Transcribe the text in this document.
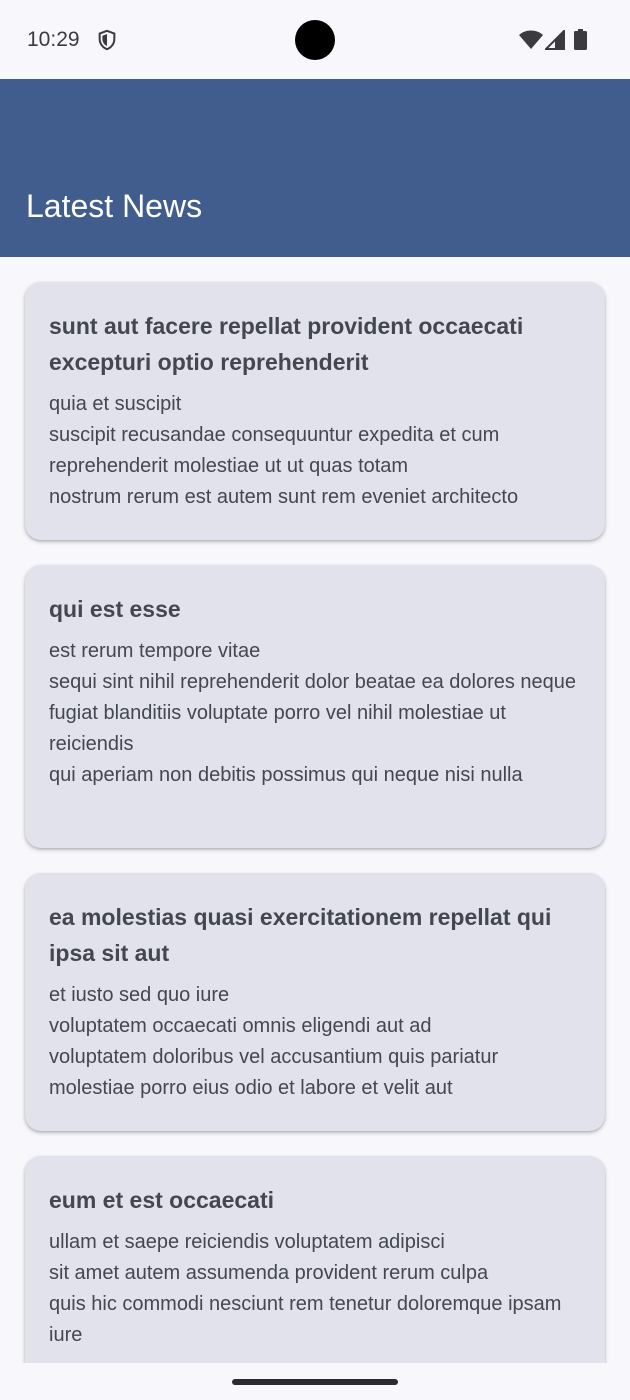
10:29
Latest News
sunt aut facere repellat provident occaecati excepturi optio reprehenderit

quia et suscipit
suscipit recusandae consequuntur expedita et cum
reprehenderit molestiae ut ut quas totam
nostrum rerum est autem sunt rem eveniet architecto

qui est esse

est rerum tempore vitae
sequi sint nihil reprehenderit dolor beatae ea dolores neque
fugiat blanditiis voluptate porro vel nihil molestiae ut reiciendis
qui aperiam non debitis possimus qui neque nisi nulla

ea molestias quasi exercitationem repellat qui ipsa sit aut

et iusto sed quo iure
voluptatem occaecati omnis eligendi aut ad
voluptatem doloribus vel accusantium quis pariatur
molestiae porro eius odio et labore et velit aut

eum et est occaecati

ullam et saepe reiciendis voluptatem adipisci
sit amet autem assumenda provident rerum culpa
quis hic commodi nesciunt rem tenetur doloremque ipsam iure
